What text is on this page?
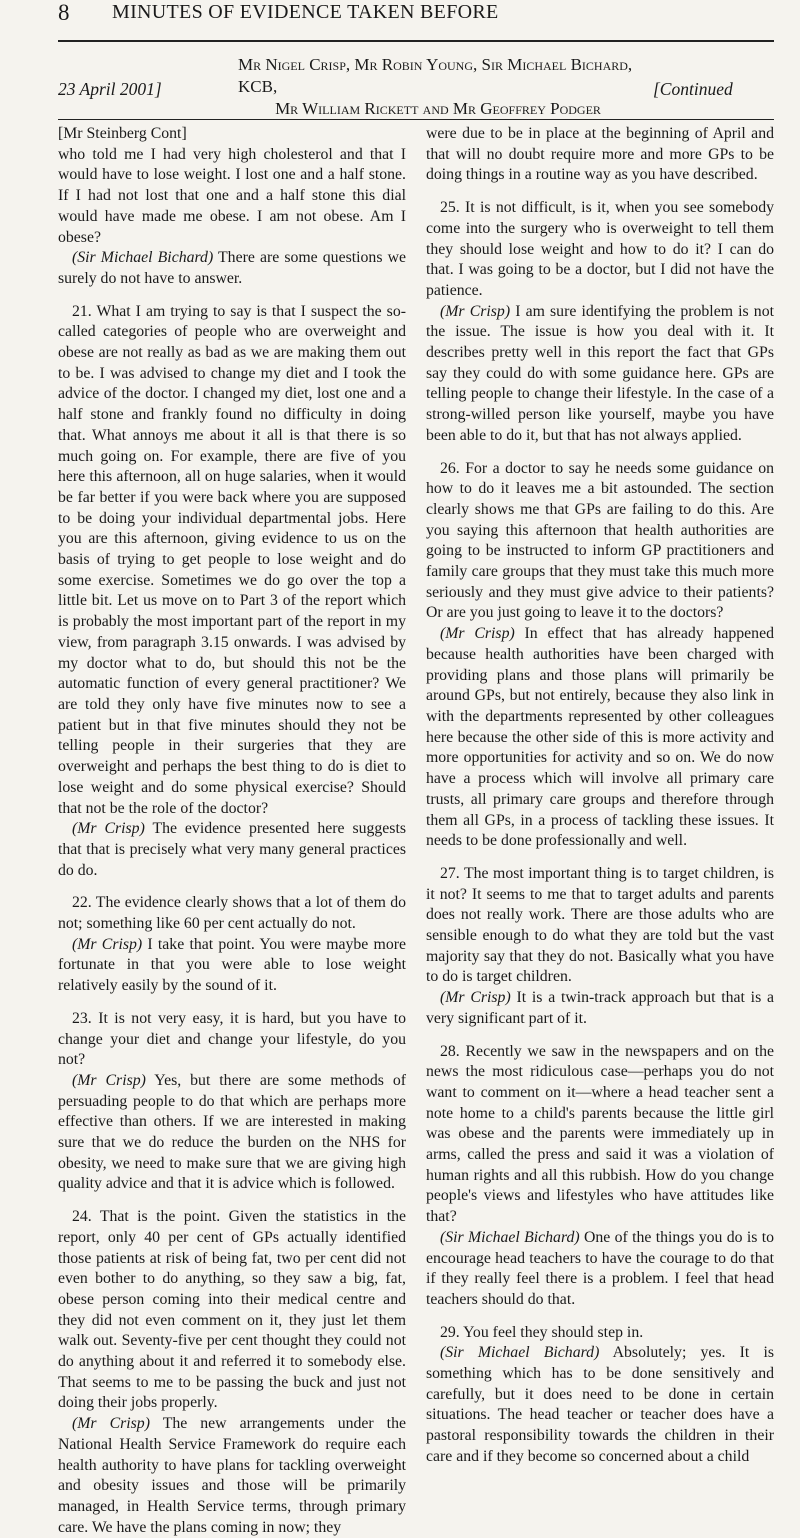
8 MINUTES OF EVIDENCE TAKEN BEFORE
23 April 2001]
Mr Nigel Crisp, Mr Robin Young, Sir Michael Bichard, KCB,
Mr William Rickett and Mr Geoffrey Podger
[Continued

[Mr Steinberg Cont]

who told me I had very high cholesterol and that I would have to lose weight. I lost one and a half stone. If I had not lost that one and a half stone this dial would have made me obese. I am not obese. Am I obese?

(Sir Michael Bichard) There are some questions we surely do not have to answer.

21. What I am trying to say is that I suspect the so-called categories of people who are overweight and obese are not really as bad as we are making them out to be. I was advised to change my diet and I took the advice of the doctor. I changed my diet, lost one and a half stone and frankly found no difficulty in doing that. What annoys me about it all is that there is so much going on. For example, there are five of you here this afternoon, all on huge salaries, when it would be far better if you were back where you are supposed to be doing your individual departmental jobs. Here you are this afternoon, giving evidence to us on the basis of trying to get people to lose weight and do some exercise. Sometimes we do go over the top a little bit. Let us move on to Part 3 of the report which is probably the most important part of the report in my view, from paragraph 3.15 onwards. I was advised by my doctor what to do, but should this not be the automatic function of every general practitioner? We are told they only have five minutes now to see a patient but in that five minutes should they not be telling people in their surgeries that they are overweight and perhaps the best thing to do is diet to lose weight and do some physical exercise? Should that not be the role of the doctor?

(Mr Crisp) The evidence presented here suggests that that is precisely what very many general practices do do.

22. The evidence clearly shows that a lot of them do not; something like 60 per cent actually do not.

(Mr Crisp) I take that point. You were maybe more fortunate in that you were able to lose weight relatively easily by the sound of it.

23. It is not very easy, it is hard, but you have to change your diet and change your lifestyle, do you not?

(Mr Crisp) Yes, but there are some methods of persuading people to do that which are perhaps more effective than others. If we are interested in making sure that we do reduce the burden on the NHS for obesity, we need to make sure that we are giving high quality advice and that it is advice which is followed.

24. That is the point. Given the statistics in the report, only 40 per cent of GPs actually identified those patients at risk of being fat, two per cent did not even bother to do anything, so they saw a big, fat, obese person coming into their medical centre and they did not even comment on it, they just let them walk out. Seventy-five per cent thought they could not do anything about it and referred it to somebody else. That seems to me to be passing the buck and just not doing their jobs properly.

(Mr Crisp) The new arrangements under the National Health Service Framework do require each health authority to have plans for tackling overweight and obesity issues and those will be primarily managed, in Health Service terms, through primary care. We have the plans coming in now; they

were due to be in place at the beginning of April and that will no doubt require more and more GPs to be doing things in a routine way as you have described.

25. It is not difficult, is it, when you see somebody come into the surgery who is overweight to tell them they should lose weight and how to do it? I can do that. I was going to be a doctor, but I did not have the patience.

(Mr Crisp) I am sure identifying the problem is not the issue. The issue is how you deal with it. It describes pretty well in this report the fact that GPs say they could do with some guidance here. GPs are telling people to change their lifestyle. In the case of a strong-willed person like yourself, maybe you have been able to do it, but that has not always applied.

26. For a doctor to say he needs some guidance on how to do it leaves me a bit astounded. The section clearly shows me that GPs are failing to do this. Are you saying this afternoon that health authorities are going to be instructed to inform GP practitioners and family care groups that they must take this much more seriously and they must give advice to their patients? Or are you just going to leave it to the doctors?

(Mr Crisp) In effect that has already happened because health authorities have been charged with providing plans and those plans will primarily be around GPs, but not entirely, because they also link in with the departments represented by other colleagues here because the other side of this is more activity and more opportunities for activity and so on. We do now have a process which will involve all primary care trusts, all primary care groups and therefore through them all GPs, in a process of tackling these issues. It needs to be done professionally and well.

27. The most important thing is to target children, is it not? It seems to me that to target adults and parents does not really work. There are those adults who are sensible enough to do what they are told but the vast majority say that they do not. Basically what you have to do is target children.

(Mr Crisp) It is a twin-track approach but that is a very significant part of it.

28. Recently we saw in the newspapers and on the news the most ridiculous case—perhaps you do not want to comment on it—where a head teacher sent a note home to a child's parents because the little girl was obese and the parents were immediately up in arms, called the press and said it was a violation of human rights and all this rubbish. How do you change people's views and lifestyles who have attitudes like that?

(Sir Michael Bichard) One of the things you do is to encourage head teachers to have the courage to do that if they really feel there is a problem. I feel that head teachers should do that.

29. You feel they should step in.

(Sir Michael Bichard) Absolutely; yes. It is something which has to be done sensitively and carefully, but it does need to be done in certain situations. The head teacher or teacher does have a pastoral responsibility towards the children in their care and if they become so concerned about a child
